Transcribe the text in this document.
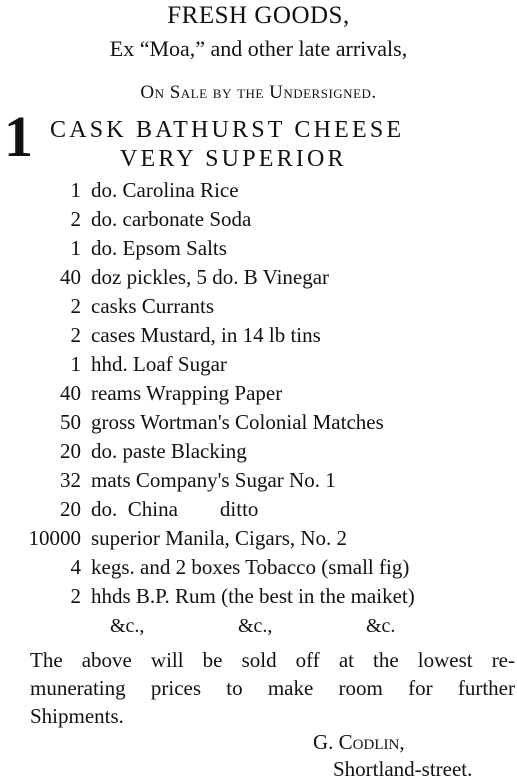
FRESH GOODS,
Ex “Moa,” and other late arrivals,
On Sale by the Undersigned.
1 CASK BATHURST CHEESE
VERY SUPERIOR
1 do. Carolina Rice
2 do. carbonate Soda
1 do. Epsom Salts
40 doz pickles, 5 do. B Vinegar
2 casks Currants
2 cases Mustard, in 14 lb tins
1 hhd. Loaf Sugar
40 reams Wrapping Paper
50 gross Wortman's Colonial Matches
20 do. paste Blacking
32 mats Company's Sugar No. 1
20 do.  China        ditto
10000 superior Manila, Cigars, No. 2
4 kegs. and 2 boxes Tobacco (small fig)
2 hhds B.P. Rum (the best in the maiket)
&c.,	&c.,	&c.
The above will be sold off at the lowest re-
munerating prices to make room for further
Shipments.
G. Codlin,
Shortland-street.
